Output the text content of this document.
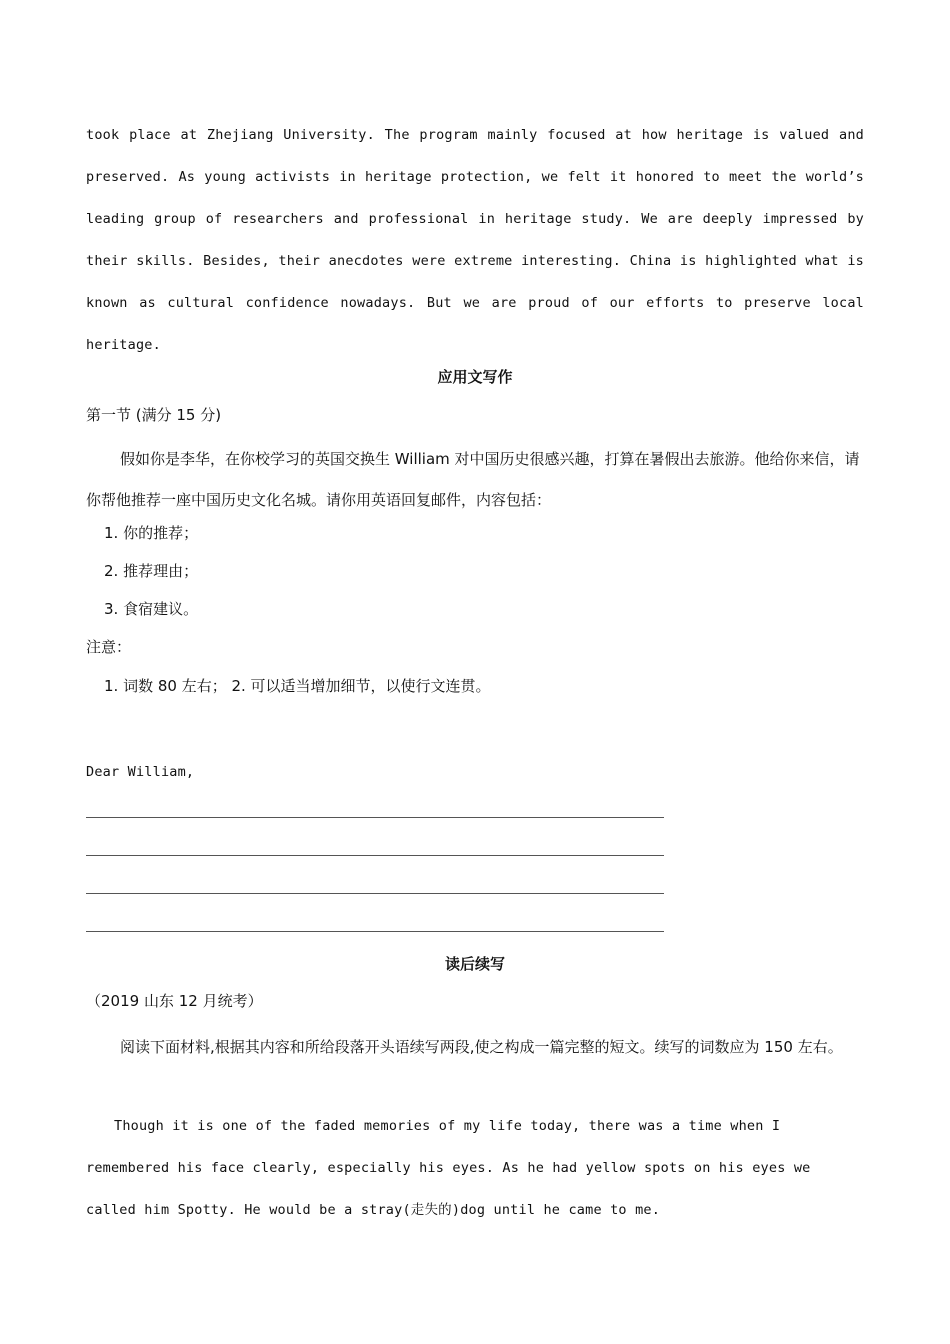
took place at Zhejiang University. The program mainly focused at how heritage is valued and preserved. As young activists in heritage protection, we felt it honored to meet the world’s leading group of researchers and professional in heritage study. We are deeply impressed by their skills. Besides, their anecdotes were extreme interesting. China is highlighted what is known as cultural confidence nowadays. But we are proud of our efforts to preserve local heritage.
应用文写作
第一节 (满分 15 分)
假如你是李华，在你校学习的英国交换生 William 对中国历史很感兴趣，打算在暑假出去旅游。他给你来信，请你帮他推荐一座中国历史文化名城。请你用英语回复邮件，内容包括：
1. 你的推荐；
2. 推荐理由；
3. 食宿建议。
注意：
1. 词数 80 左右； 2. 可以适当增加细节，以使行文连贯。
Dear William,
读后续写
（2019 山东 12 月统考）
阅读下面材料,根据其内容和所给段落开头语续写两段,使之构成一篇完整的短文。续写的词数应为 150 左右。
Though it is one of the faded memories of my life today, there was a time when I remembered his face clearly, especially his eyes. As he had yellow spots on his eyes we called him Spotty. He would be a stray(走失的)dog until he came to me.
